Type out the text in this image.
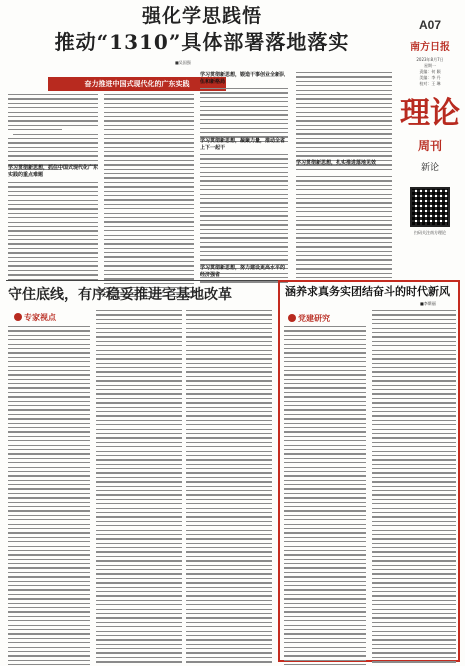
强化学思践悟
推动“1310”具体部署落地落实
■吴国强
奋力推进中国式现代化的广东实践
学习贯彻新思想，抓住中国式现代化广东实践的重点难题
学习贯彻新思想，锻造干事创业全新队伍和新格局
学习贯彻新思想，凝聚力量，推动全省上下一起干
学习贯彻新思想，扎实推进落地见效
学习贯彻新思想，努力建设更高水平的经济强省
A07
南方日报
2023年8月7日
星期一
责编：何 颖
美编：李 丹
校对：王 琳
理论
周刊
新论
扫码关注南方理论
守住底线，有序稳妥推进宅基地改革
专家视点
涵养求真务实团结奋斗的时代新风
■李斯丽
党建研究
